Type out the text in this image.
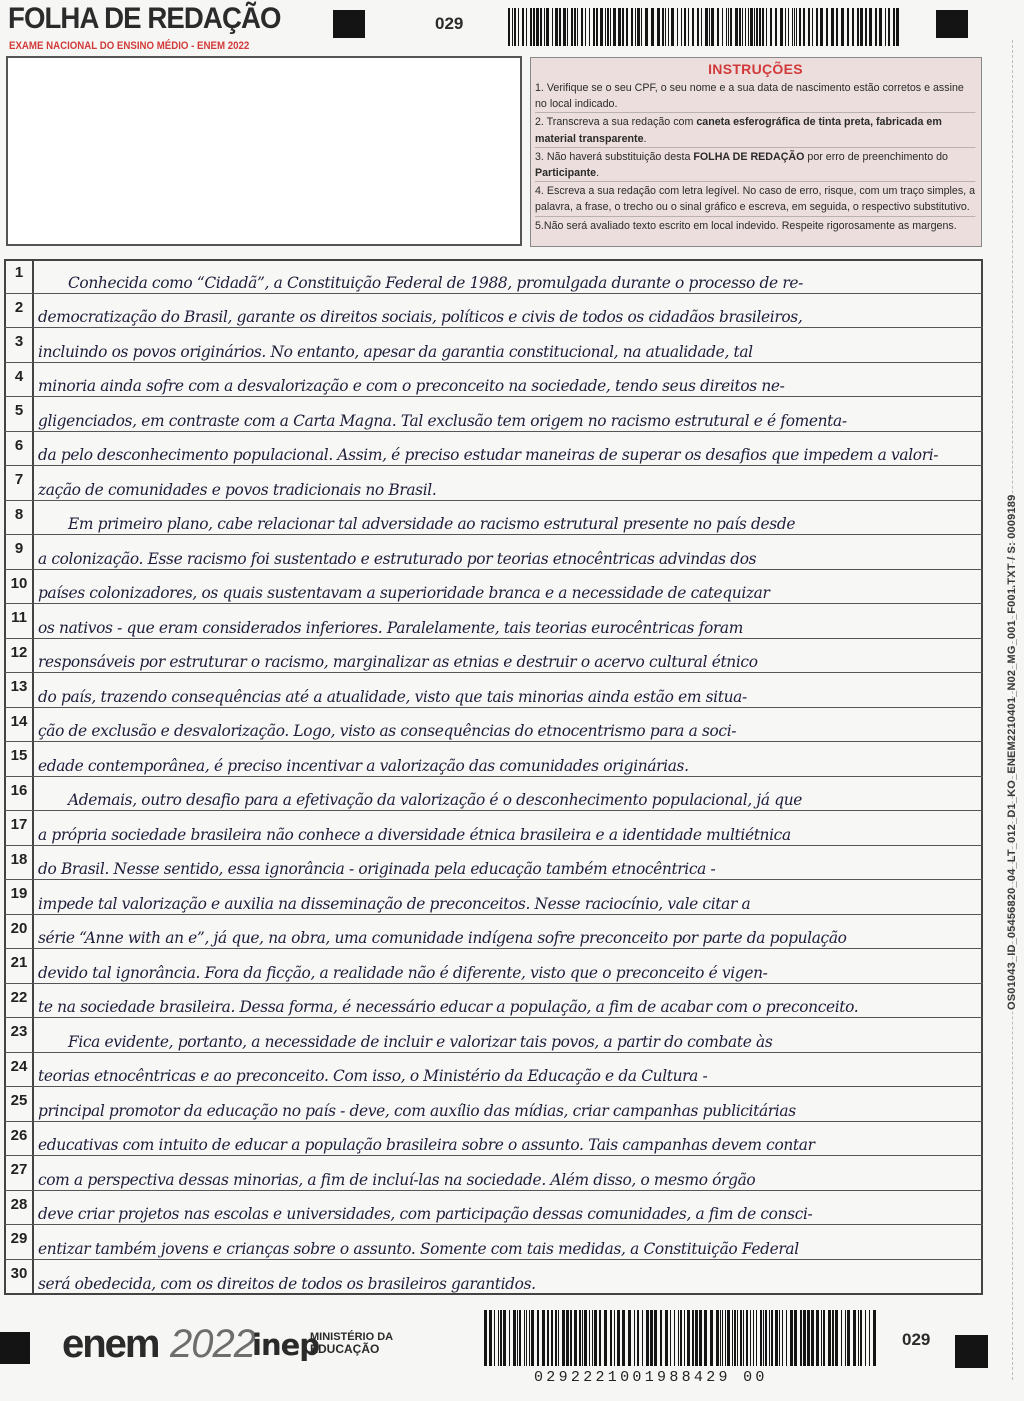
FOLHA DE REDAÇÃO
EXAME NACIONAL DO ENSINO MÉDIO - ENEM 2022
029
INSTRUÇÕES
1. Verifique se o seu CPF, o seu nome e a sua data de nascimento estão corretos e assine no local indicado.
2. Transcreva a sua redação com caneta esferográfica de tinta preta, fabricada em material transparente.
3. Não haverá substituição desta FOLHA DE REDAÇÃO por erro de preenchimento do Participante.
4. Escreva a sua redação com letra legível. No caso de erro, risque, com um traço simples, a palavra, a frase, o trecho ou o sinal gráfico e escreva, em seguida, o respectivo substitutivo.
5.Não será avaliado texto escrito em local indevido. Respeite rigorosamente as margens.
1
Conhecida como “Cidadã”, a Constituição Federal de 1988, promulgada durante o processo de re-
2
democratização do Brasil, garante os direitos sociais, políticos e civis de todos os cidadãos brasileiros,
3
incluindo os povos originários. No entanto, apesar da garantia constitucional, na atualidade, tal
4
minoria ainda sofre com a desvalorização e com o preconceito na sociedade, tendo seus direitos ne-
5
gligenciados, em contraste com a Carta Magna. Tal exclusão tem origem no racismo estrutural e é fomenta-
6
da pelo desconhecimento populacional. Assim, é preciso estudar maneiras de superar os desafios que impedem a valori-
7
zação de comunidades e povos tradicionais no Brasil.
8
Em primeiro plano, cabe relacionar tal adversidade ao racismo estrutural presente no país desde
9
a colonização. Esse racismo foi sustentado e estruturado por teorias etnocêntricas advindas dos
10
países colonizadores, os quais sustentavam a superioridade branca e a necessidade de catequizar
11
os nativos - que eram considerados inferiores. Paralelamente, tais teorias eurocêntricas foram
12
responsáveis por estruturar o racismo, marginalizar as etnias e destruir o acervo cultural étnico
13
do país, trazendo consequências até a atualidade, visto que tais minorias ainda estão em situa-
14
ção de exclusão e desvalorização. Logo, visto as consequências do etnocentrismo para a soci-
15
edade contemporânea, é preciso incentivar a valorização das comunidades originárias.
16
Ademais, outro desafio para a efetivação da valorização é o desconhecimento populacional, já que
17
a própria sociedade brasileira não conhece a diversidade étnica brasileira e a identidade multiétnica
18
do Brasil. Nesse sentido, essa ignorância - originada pela educação também etnocêntrica -
19
impede tal valorização e auxilia na disseminação de preconceitos. Nesse raciocínio, vale citar a
20
série “Anne with an e”, já que, na obra, uma comunidade indígena sofre preconceito por parte da população
21
devido tal ignorância. Fora da ficção, a realidade não é diferente, visto que o preconceito é vigen-
22
te na sociedade brasileira. Dessa forma, é necessário educar a população, a fim de acabar com o preconceito.
23
Fica evidente, portanto, a necessidade de incluir e valorizar tais povos, a partir do combate às
24
teorias etnocêntricas e ao preconceito. Com isso, o Ministério da Educação e da Cultura -
25
principal promotor da educação no país - deve, com auxílio das mídias, criar campanhas publicitárias
26
educativas com intuito de educar a população brasileira sobre o assunto. Tais campanhas devem contar
27
com a perspectiva dessas minorias, a fim de incluí-las na sociedade. Além disso, o mesmo órgão
28
deve criar projetos nas escolas e universidades, com participação dessas comunidades, a fim de consci-
29
entizar também jovens e crianças sobre o assunto. Somente com tais medidas, a Constituição Federal
30
será obedecida, com os direitos de todos os brasileiros garantidos.
OS01043_ID_05456820_04_LT_012_D1_KO_ENEM2210401_N02_MG_001_F001.TXT / S: 0009189
enem 2022
inep
MINISTÉRIO DA
EDUCAÇÃO
0292221001988429 00
029
